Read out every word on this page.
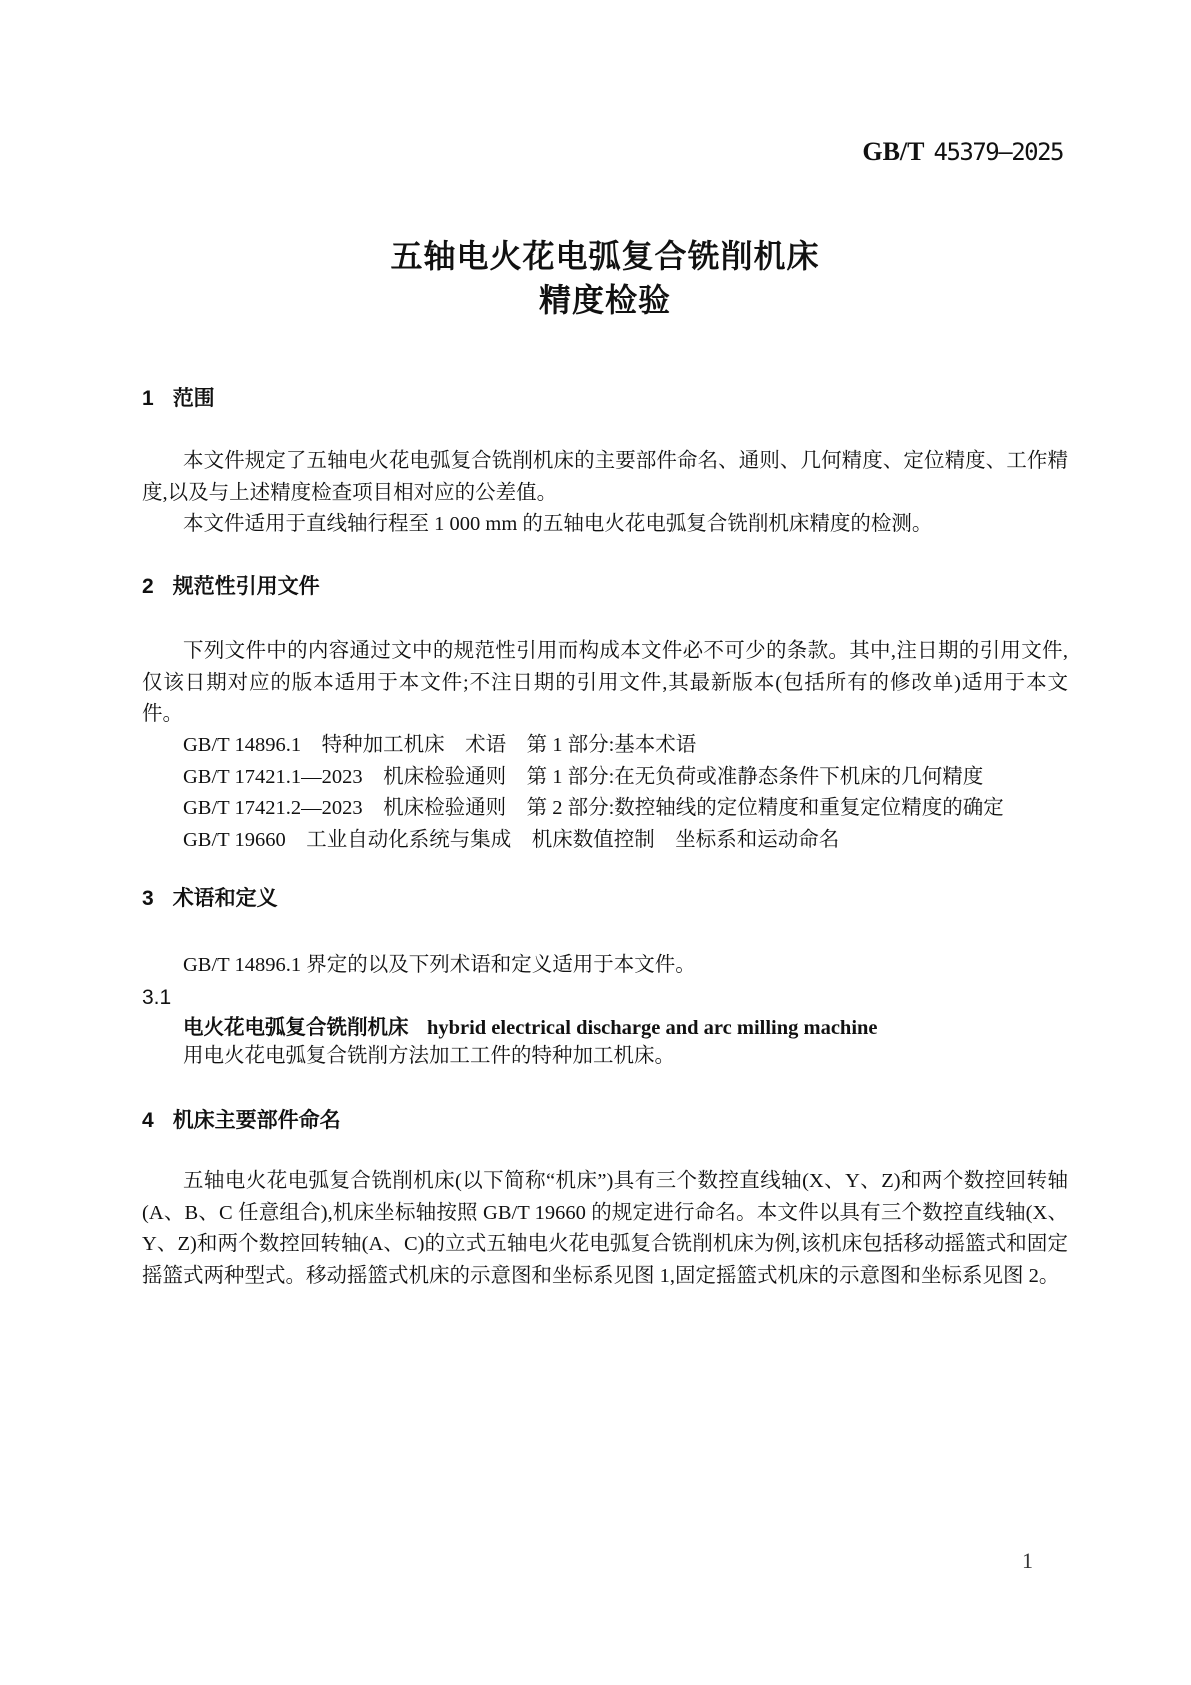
GB/T 45379—2025
五轴电火花电弧复合铣削机床
精度检验
1 范围

本文件规定了五轴电火花电弧复合铣削机床的主要部件命名、通则、几何精度、定位精度、工作精度,以及与上述精度检查项目相对应的公差值。

本文件适用于直线轴行程至 1 000 mm 的五轴电火花电弧复合铣削机床精度的检测。

2 规范性引用文件

下列文件中的内容通过文中的规范性引用而构成本文件必不可少的条款。其中,注日期的引用文件,仅该日期对应的版本适用于本文件;不注日期的引用文件,其最新版本(包括所有的修改单)适用于本文件。

GB/T 14896.1　特种加工机床　术语　第 1 部分:基本术语
GB/T 17421.1—2023　机床检验通则　第 1 部分:在无负荷或准静态条件下机床的几何精度
GB/T 17421.2—2023　机床检验通则　第 2 部分:数控轴线的定位精度和重复定位精度的确定
GB/T 19660　工业自动化系统与集成　机床数值控制　坐标系和运动命名
3 术语和定义

GB/T 14896.1 界定的以及下列术语和定义适用于本文件。

3.1
电火花电弧复合铣削机床 hybrid electrical discharge and arc milling machine

用电火花电弧复合铣削方法加工工件的特种加工机床。

4 机床主要部件命名

五轴电火花电弧复合铣削机床(以下简称“机床”)具有三个数控直线轴(X、Y、Z)和两个数控回转轴(A、B、C 任意组合),机床坐标轴按照 GB/T 19660 的规定进行命名。本文件以具有三个数控直线轴(X、Y、Z)和两个数控回转轴(A、C)的立式五轴电火花电弧复合铣削机床为例,该机床包括移动摇篮式和固定摇篮式两种型式。移动摇篮式机床的示意图和坐标系见图 1,固定摇篮式机床的示意图和坐标系见图 2。

1
